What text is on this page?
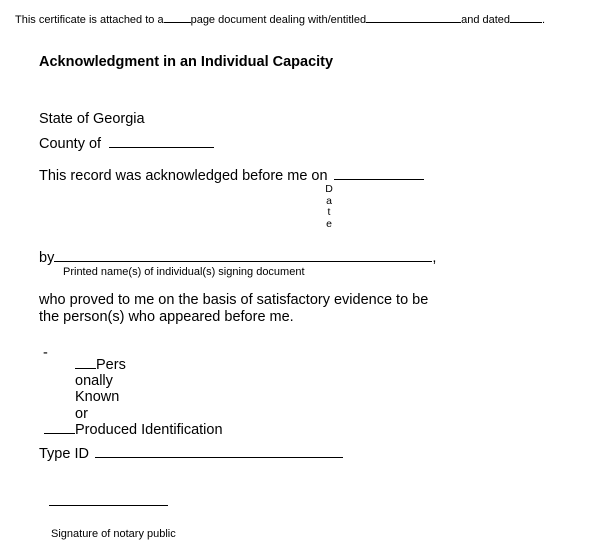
This certificate is attached to a page document dealing with/entitled	and dated	.
Acknowledgment in an Individual Capacity
State of Georgia
County of
This record was acknowledged before me on
D
a
t
e
by	,
Printed name(s) of individual(s) signing document
who proved to me on the basis of satisfactory evidence to be
the person(s) who appeared before me.
-
Pers
onally
Known
or
Produced Identification
Type ID
Signature of notary public
